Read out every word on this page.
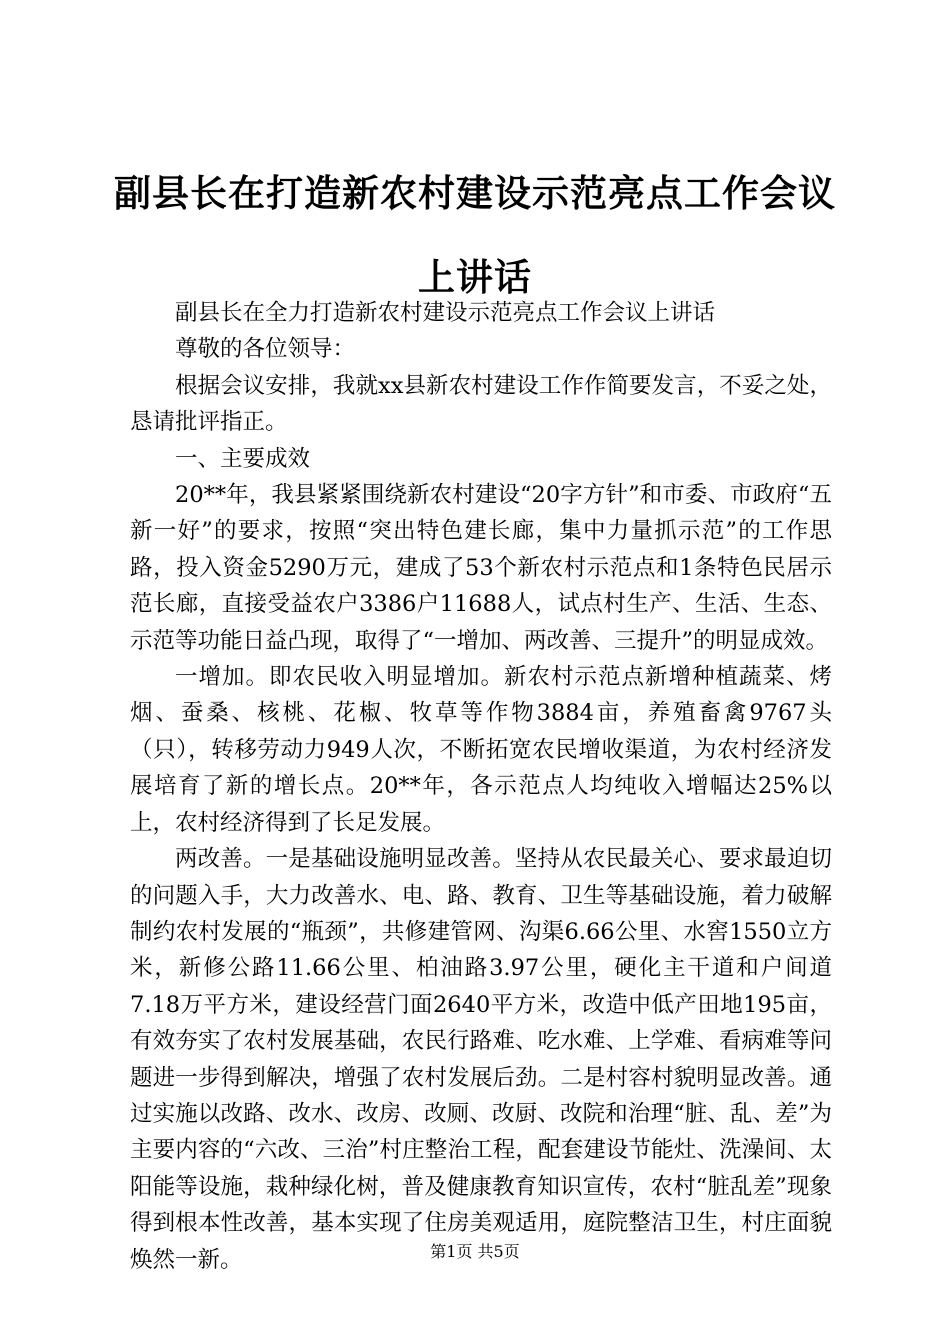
副县长在打造新农村建设示范亮点工作会议上讲话

副县长在全力打造新农村建设示范亮点工作会议上讲话

尊敬的各位领导：

根据会议安排，我就xx县新农村建设工作作简要发言，不妥之处，恳请批评指正。

一、主要成效

20**年，我县紧紧围绕新农村建设“20字方针”和市委、市政府“五新一好”的要求，按照“突出特色建长廊，集中力量抓示范”的工作思路，投入资金5290万元，建成了53个新农村示范点和1条特色民居示范长廊，直接受益农户3386户11688人，试点村生产、生活、生态、示范等功能日益凸现，取得了“一增加、两改善、三提升”的明显成效。

一增加。即农民收入明显增加。新农村示范点新增种植蔬菜、烤烟、蚕桑、核桃、花椒、牧草等作物3884亩，养殖畜禽9767头（只），转移劳动力949人次，不断拓宽农民增收渠道，为农村经济发展培育了新的增长点。20**年，各示范点人均纯收入增幅达25%以上，农村经济得到了长足发展。

两改善。一是基础设施明显改善。坚持从农民最关心、要求最迫切的问题入手，大力改善水、电、路、教育、卫生等基础设施，着力破解制约农村发展的“瓶颈”，共修建管网、沟渠6.66公里、水窖1550立方米，新修公路11.66公里、柏油路3.97公里，硬化主干道和户间道7.18万平方米，建设经营门面2640平方米，改造中低产田地195亩，有效夯实了农村发展基础，农民行路难、吃水难、上学难、看病难等问题进一步得到解决，增强了农村发展后劲。二是村容村貌明显改善。通过实施以改路、改水、改房、改厕、改厨、改院和治理“脏、乱、差”为主要内容的“六改、三治”村庄整治工程，配套建设节能灶、洗澡间、太阳能等设施，栽种绿化树，普及健康教育知识宣传，农村“脏乱差”现象得到根本性改善，基本实现了住房美观适用，庭院整洁卫生，村庄面貌焕然一新。	第1页 共5页
